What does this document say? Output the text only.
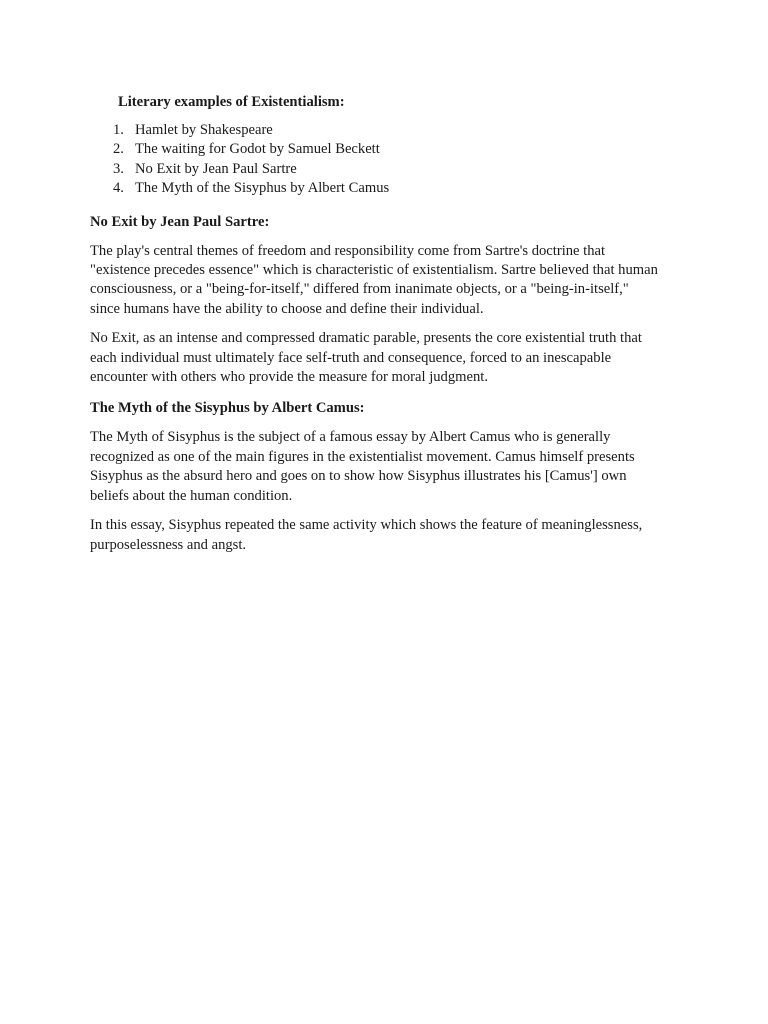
Literary examples of Existentialism:
1. Hamlet by Shakespeare
2. The waiting for Godot by Samuel Beckett
3. No Exit by Jean Paul Sartre
4. The Myth of the Sisyphus by Albert Camus
No Exit by Jean Paul Sartre:

The play's central themes of freedom and responsibility come from Sartre's doctrine that
"existence precedes essence" which is characteristic of existentialism. Sartre believed that human
consciousness, or a "being-for-itself," differed from inanimate objects, or a "being-in-itself,"
since humans have the ability to choose and define their individual.

No Exit, as an intense and compressed dramatic parable, presents the core existential truth that
each individual must ultimately face self-truth and consequence, forced to an inescapable
encounter with others who provide the measure for moral judgment.

The Myth of the Sisyphus by Albert Camus:

The Myth of Sisyphus is the subject of a famous essay by Albert Camus who is generally
recognized as one of the main figures in the existentialist movement. Camus himself presents
Sisyphus as the absurd hero and goes on to show how Sisyphus illustrates his [Camus'] own
beliefs about the human condition.

In this essay, Sisyphus repeated the same activity which shows the feature of meaninglessness,
purposelessness and angst.
